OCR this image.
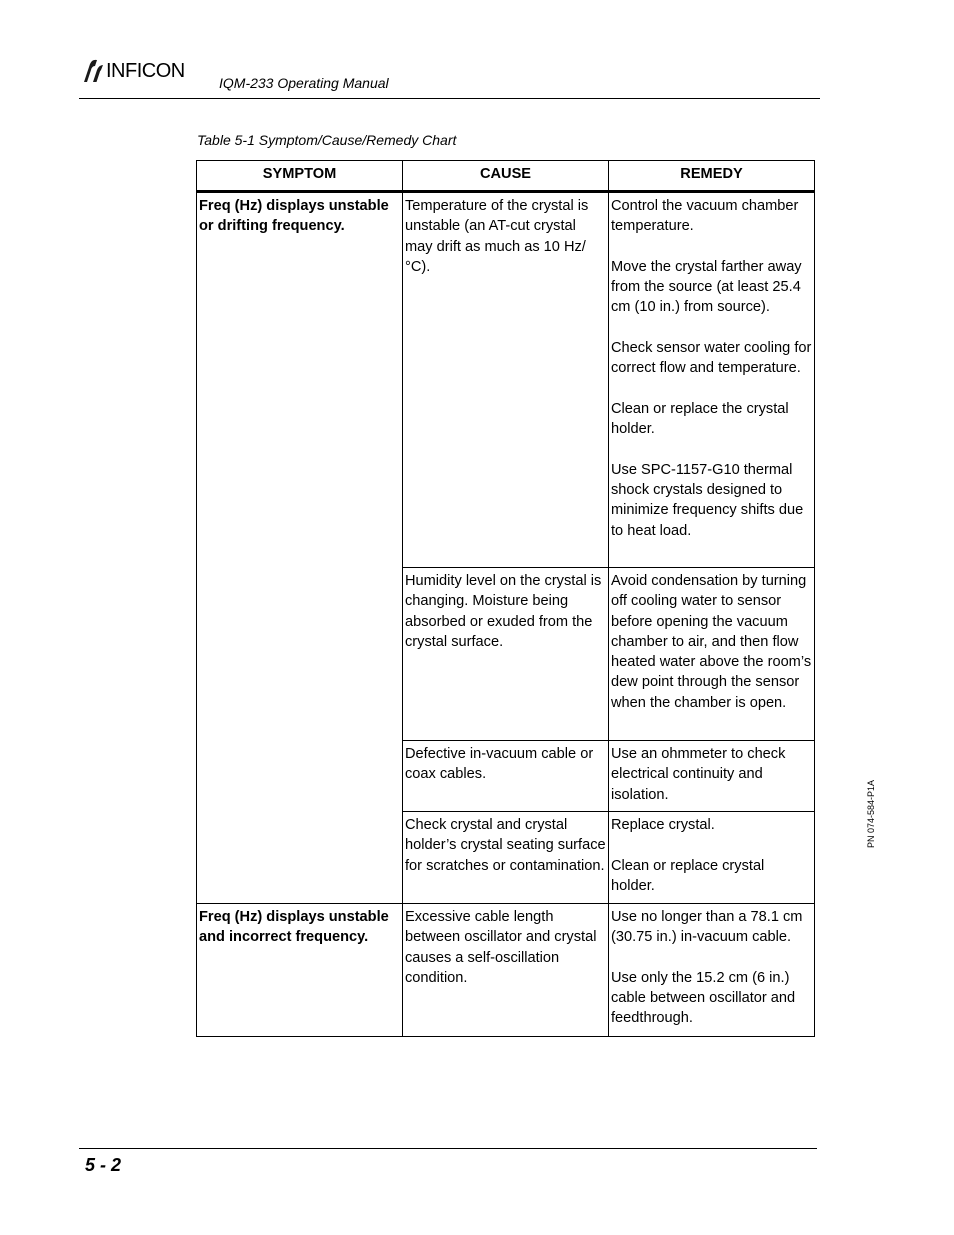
INFICON
IQM-233 Operating Manual
Table 5-1 Symptom/Cause/Remedy Chart
SYMPTOM	CAUSE	REMEDY
Freq (Hz) displays unstable or drifting frequency.	Temperature of the crystal is unstable (an AT-cut crystal may drift as much as 10 Hz/°C).	Control the vacuum chamber temperature.

Move the crystal farther away from the source (at least 25.4 cm (10 in.) from source).

Check sensor water cooling for correct flow and temperature.

Clean or replace the crystal holder.

Use SPC-1157-G10 thermal shock crystals designed to minimize frequency shifts due to heat load.

	Humidity level on the crystal is changing. Moisture being absorbed or exuded from the crystal surface.	Avoid condensation by turning off cooling water to sensor before opening the vacuum chamber to air, and then flow heated water above the room’s dew point through the sensor when the chamber is open.

	Defective in-vacuum cable or coax cables.	Use an ohmmeter to check electrical continuity and isolation.

	Check crystal and crystal holder’s crystal seating surface for scratches or contamination.	Replace crystal.

Clean or replace crystal holder.

Freq (Hz) displays unstable and incorrect frequency.	Excessive cable length between oscillator and crystal causes a self-oscillation condition.	Use no longer than a 78.1 cm (30.75 in.) in-vacuum cable.

Use only the 15.2 cm (6 in.) cable between oscillator and feedthrough.

5 - 2
PN 074-584-P1A
